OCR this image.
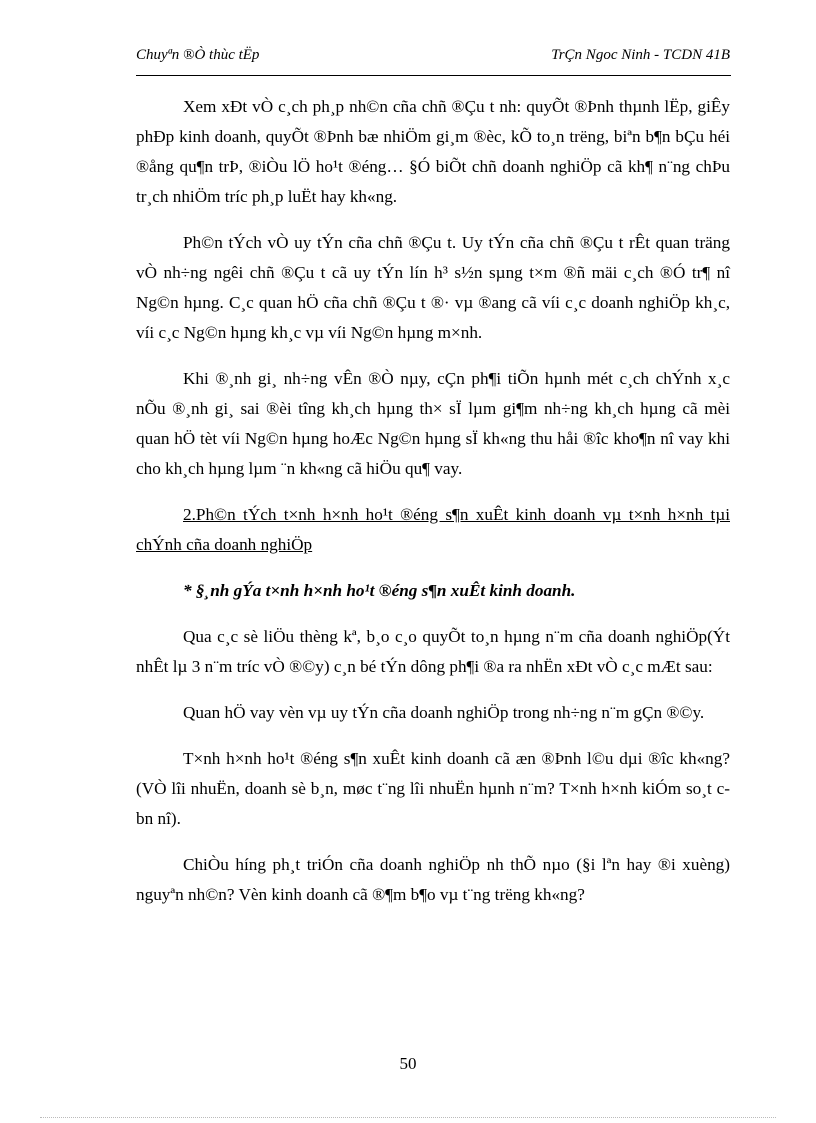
Chuyªn ®Ò thùc tËp	TrÇn Ngoc Ninh - TCDN 41B

Xem xÐt vÒ c¸ch ph¸p nh©n cña chñ ®Çu t nh: quyÕt ®Þnh thµnh lËp, giÊy phÐp kinh doanh, quyÕt ®Þnh bæ nhiÖm gi¸m ®èc, kÕ to¸n trëng, biªn b¶n bÇu héi ®ång qu¶n trÞ, ®iÒu lÖ ho¹t ®éng… §Ó biÕt chñ doanh nghiÖp cã kh¶ n¨ng chÞu tr¸ch nhiÖm tríc ph¸p luËt hay kh«ng.

Ph©n tÝch vÒ uy tÝn cña chñ ®Çu t. Uy tÝn cña chñ ®Çu t rÊt quan träng vÒ nh÷ng ngêi chñ ®Çu t cã uy tÝn lín h³ s½n sµng t×m ®ñ mäi c¸ch ®Ó tr¶ nî Ng©n hµng. C¸c quan hÖ cña chñ ®Çu t ®· vµ ®ang cã víi c¸c doanh nghiÖp kh¸c, víi c¸c Ng©n hµng kh¸c vµ víi Ng©n hµng m×nh.

Khi ®¸nh gi¸ nh÷ng vÊn ®Ò nµy, cÇn ph¶i tiÕn hµnh mét c¸ch chÝnh x¸c nÕu ®¸nh gi¸ sai ®èi tîng kh¸ch hµng th× sÏ lµm gi¶m nh÷ng kh¸ch hµng cã mèi quan hÖ tèt víi Ng©n hµng hoÆc Ng©n hµng sÏ kh«ng thu håi ®îc kho¶n nî vay khi cho kh¸ch hµng lµm ¨n kh«ng cã hiÖu qu¶ vay.

2.Ph©n tÝch t×nh h×nh ho¹t ®éng s¶n xuÊt kinh doanh vµ t×nh h×nh tµi chÝnh cña doanh nghiÖp

* §¸nh gÝa t×nh h×nh ho¹t ®éng s¶n xuÊt kinh doanh.

Qua c¸c sè liÖu thèng kª, b¸o c¸o quyÕt to¸n hµng n¨m cña doanh nghiÖp(Ýt nhÊt lµ 3 n¨m tríc vÒ ®©y) c¸n bé tÝn dông ph¶i ®a ra nhËn xÐt vÒ c¸c mÆt sau:

Quan hÖ vay vèn vµ uy tÝn cña doanh nghiÖp trong nh÷ng n¨m gÇn ®©y.

T×nh h×nh ho¹t ®éng s¶n xuÊt kinh doanh cã æn ®Þnh l©u dµi ®îc kh«ng? (VÒ lîi nhuËn, doanh sè b¸n, møc t¨ng lîi nhuËn hµnh n¨m? T×nh h×nh kiÓm so¸t cbn nî).

ChiÒu híng ph¸t triÓn cña doanh nghiÖp nh thÕ nµo (§i lªn hay ®i xuèng) nguyªn nh©n? Vèn kinh doanh cã ®¶m b¶o vµ t¨ng trëng kh«ng?

50
